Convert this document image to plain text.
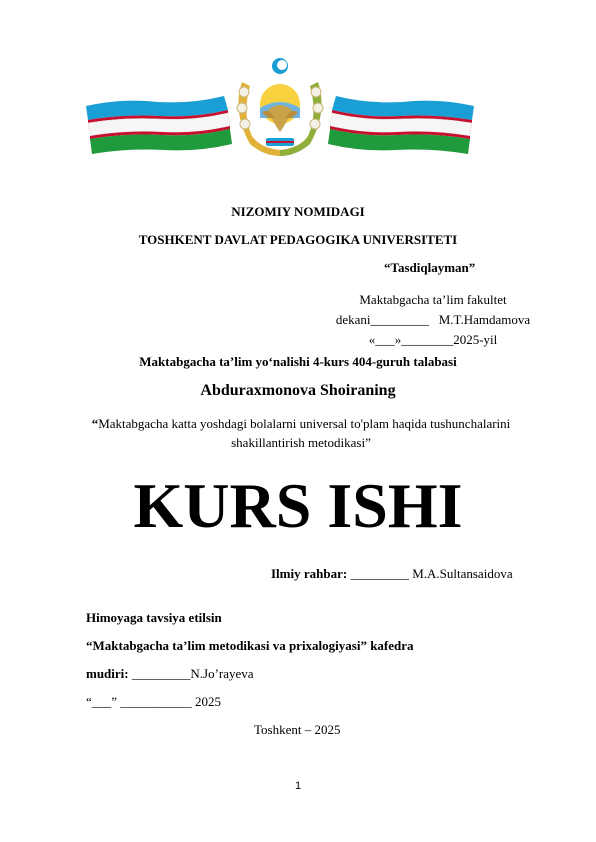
NIZOMIY NOMIDAGI
TOSHKENT DAVLAT PEDAGOGIKA UNIVERSITETI
“Tasdiqlayman”
Maktabgacha ta’lim fakultet
dekani_________   M.T.Hamdamova
«___»________2025-yil
Maktabgacha ta’lim yo‘nalishi 4-kurs 404-guruh talabasi
Abduraxmonova Shoiraning
“Maktabgacha katta yoshdagi bolalarni universal to'plam haqida tushunchalarini shakillantirish metodikasi”
KURS ISHI
Ilmiy rahbar: _________ M.A.Sultansaidova
Himoyaga tavsiya etilsin
“Maktabgacha ta’lim metodikasi va prixalogiyasi” kafedra
mudiri: _________N.Jo’rayeva
“___” ___________ 2025
Toshkent – 2025
1
